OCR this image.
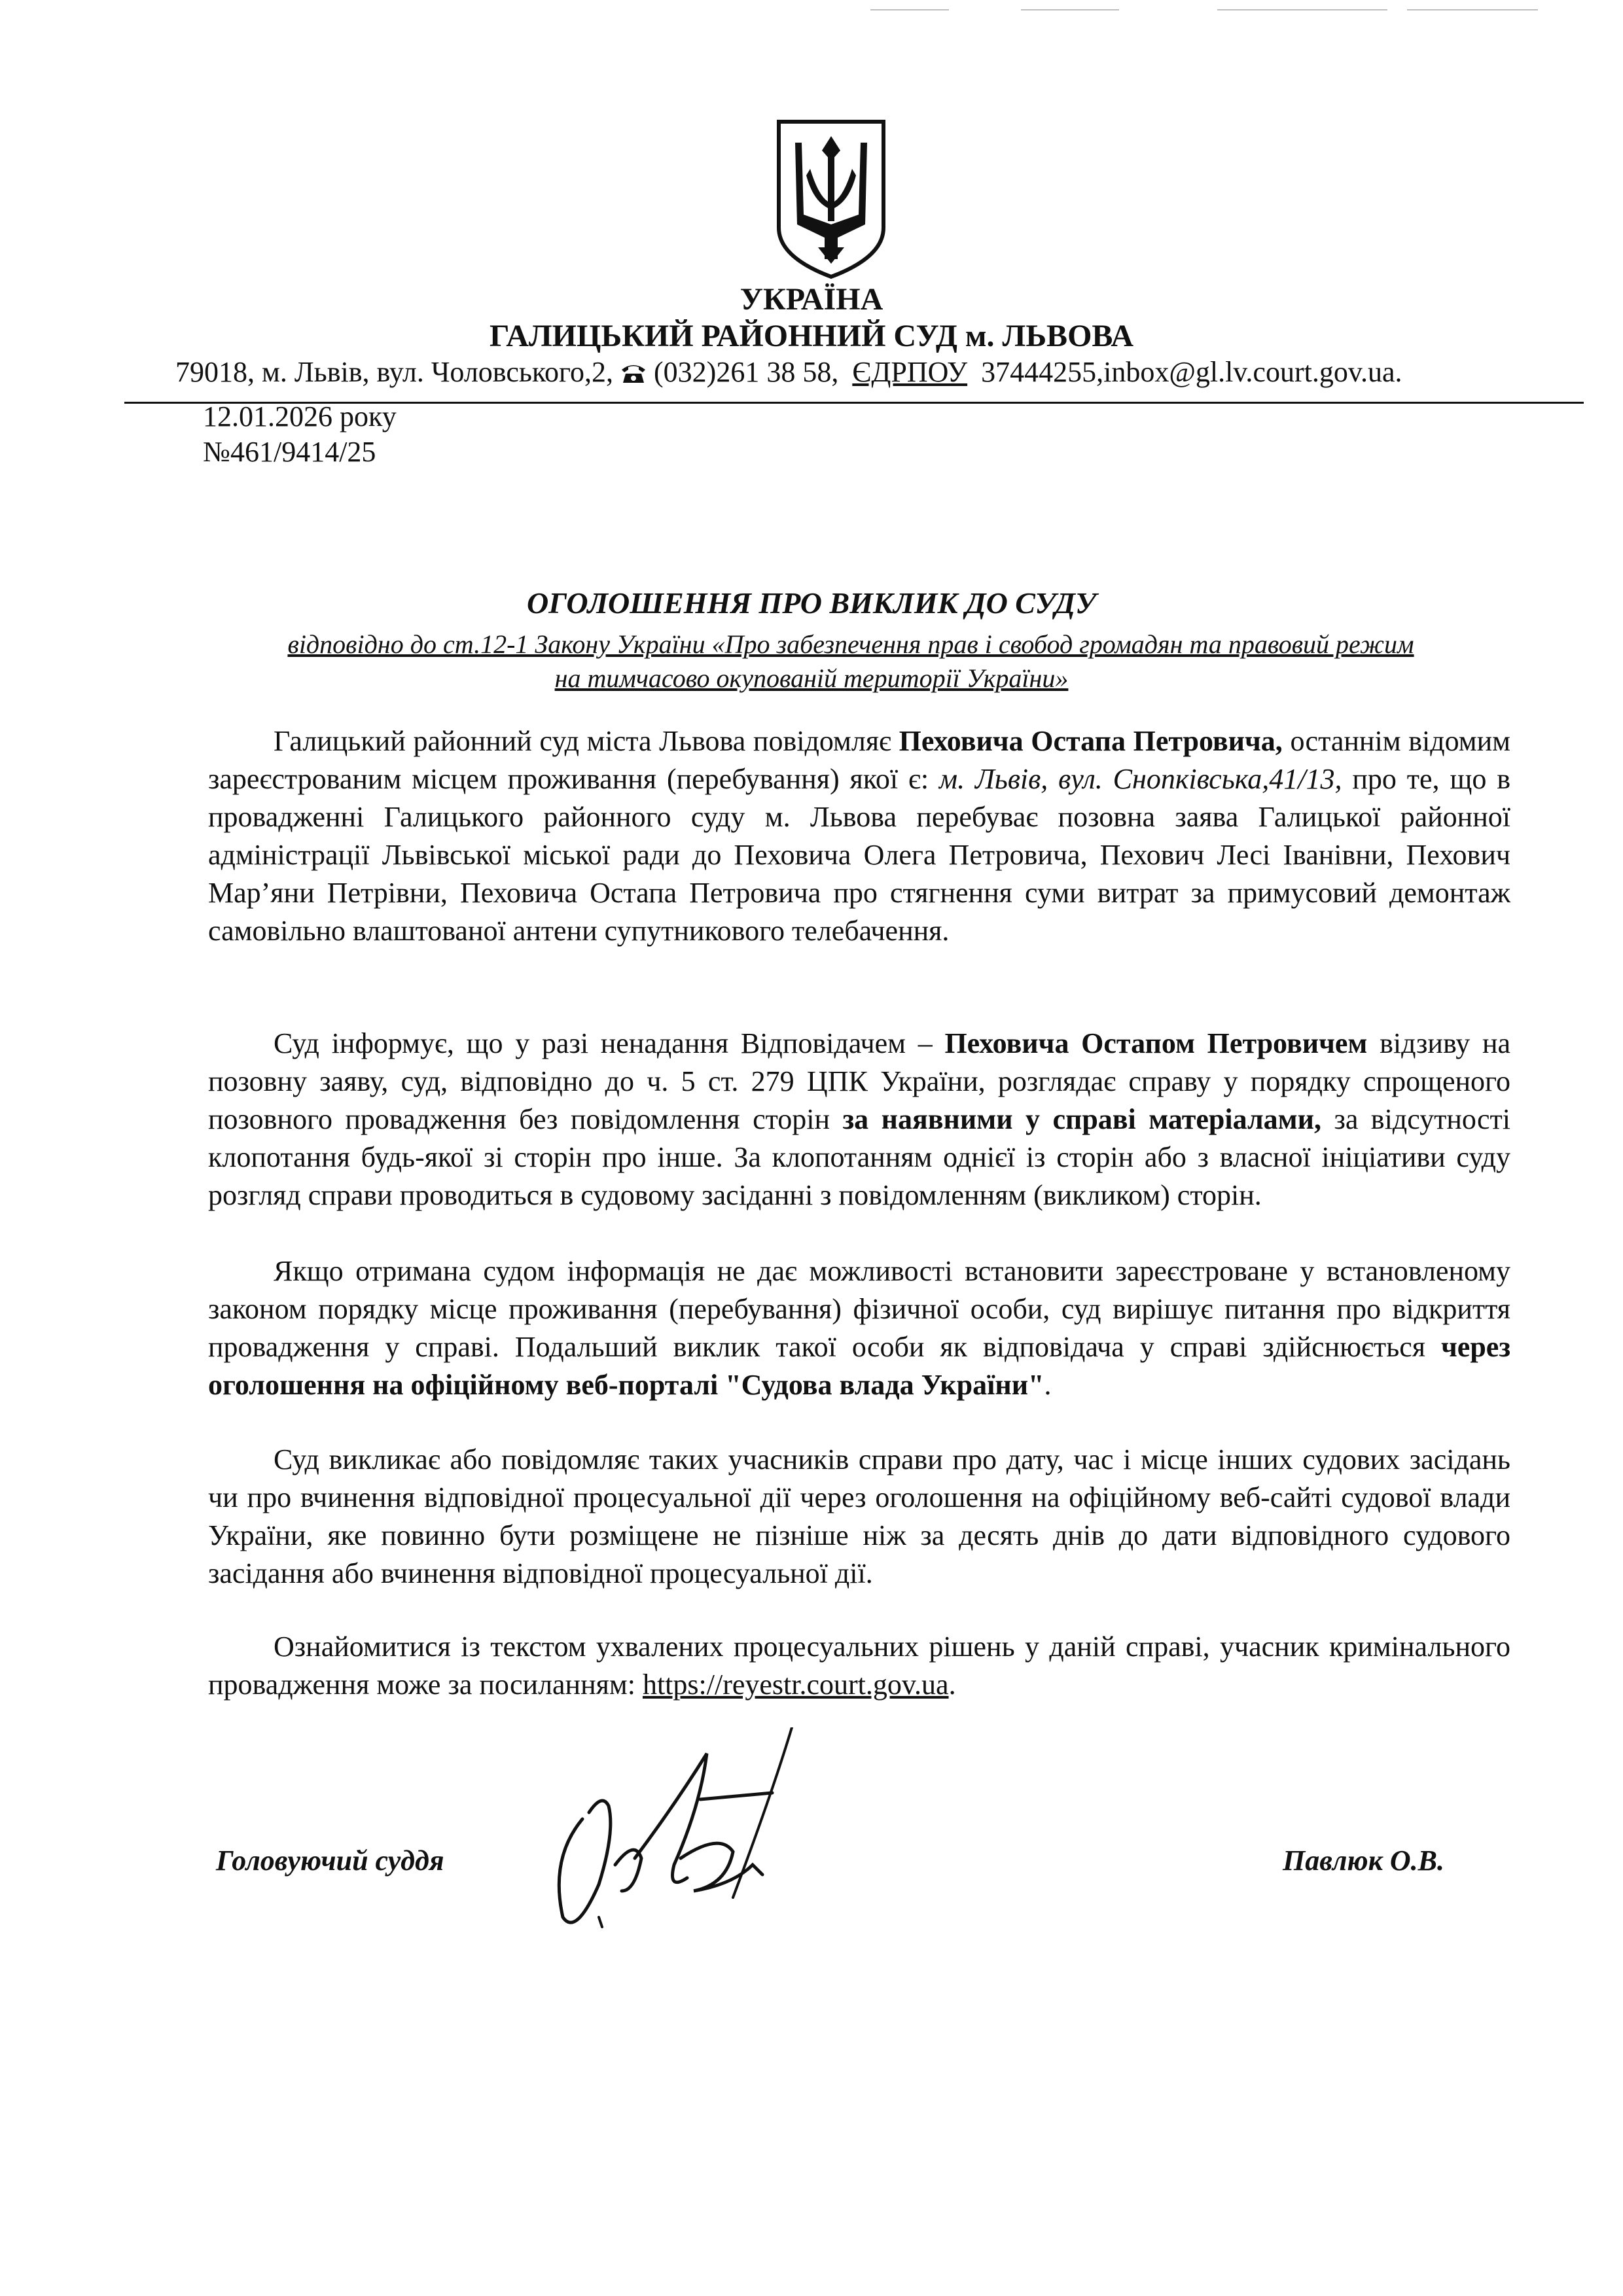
УКРАЇНА
ГАЛИЦЬКИЙ РАЙОННИЙ СУД м. ЛЬВОВА
79018, м. Львів, вул. Чоловського,2,  (032)261 38 58, ЄДРПОУ 37444255,inbox@gl.lv.court.gov.ua.
12.01.2026 року
№461/9414/25
ОГОЛОШЕННЯ ПРО ВИКЛИК ДО СУДУ
відповідно до ст.12-1 Закону України «Про забезпечення прав і свобод громадян та правовий режим
на тимчасово окупованій території України»
Галицький районний суд міста Львова повідомляє Пеховича Остапа Петровича, останнім відомим зареєстрованим місцем проживання (перебування) якої є: м. Львів, вул. Снопківська,41/13, про те, що в провадженні Галицького районного суду м. Львова перебуває позовна заява Галицької районної адміністрації Львівської міської ради до Пеховича Олега Петровича, Пехович Лесі Іванівни, Пехович Мар’яни Петрівни, Пеховича Остапа Петровича про стягнення суми витрат за примусовий демонтаж самовільно влаштованої антени супутникового телебачення.
Суд інформує, що у разі ненадання Відповідачем – Пеховича Остапом Петровичем відзиву на позовну заяву, суд, відповідно до ч. 5 ст. 279 ЦПК України, розглядає справу у порядку спрощеного позовного провадження без повідомлення сторін за наявними у справі матеріалами, за відсутності клопотання будь-якої зі сторін про інше. За клопотанням однієї із сторін або з власної ініціативи суду розгляд справи проводиться в судовому засіданні з повідомленням (викликом) сторін.
Якщо отримана судом інформація не дає можливості встановити зареєстроване у встановленому законом порядку місце проживання (перебування) фізичної особи, суд вирішує питання про відкриття провадження у справі. Подальший виклик такої особи як відповідача у справі здійснюється через оголошення на офіційному веб-порталі "Судова влада України".
Суд викликає або повідомляє таких учасників справи про дату, час і місце інших судових засідань чи про вчинення відповідної процесуальної дії через оголошення на офіційному веб-сайті судової влади України, яке повинно бути розміщене не пізніше ніж за десять днів до дати відповідного судового засідання або вчинення відповідної процесуальної дії.
Ознайомитися із текстом ухвалених процесуальних рішень у даній справі, учасник кримінального провадження може за посиланням: https://reyestr.court.gov.ua.
Головуючий суддя	Павлюк О.В.
